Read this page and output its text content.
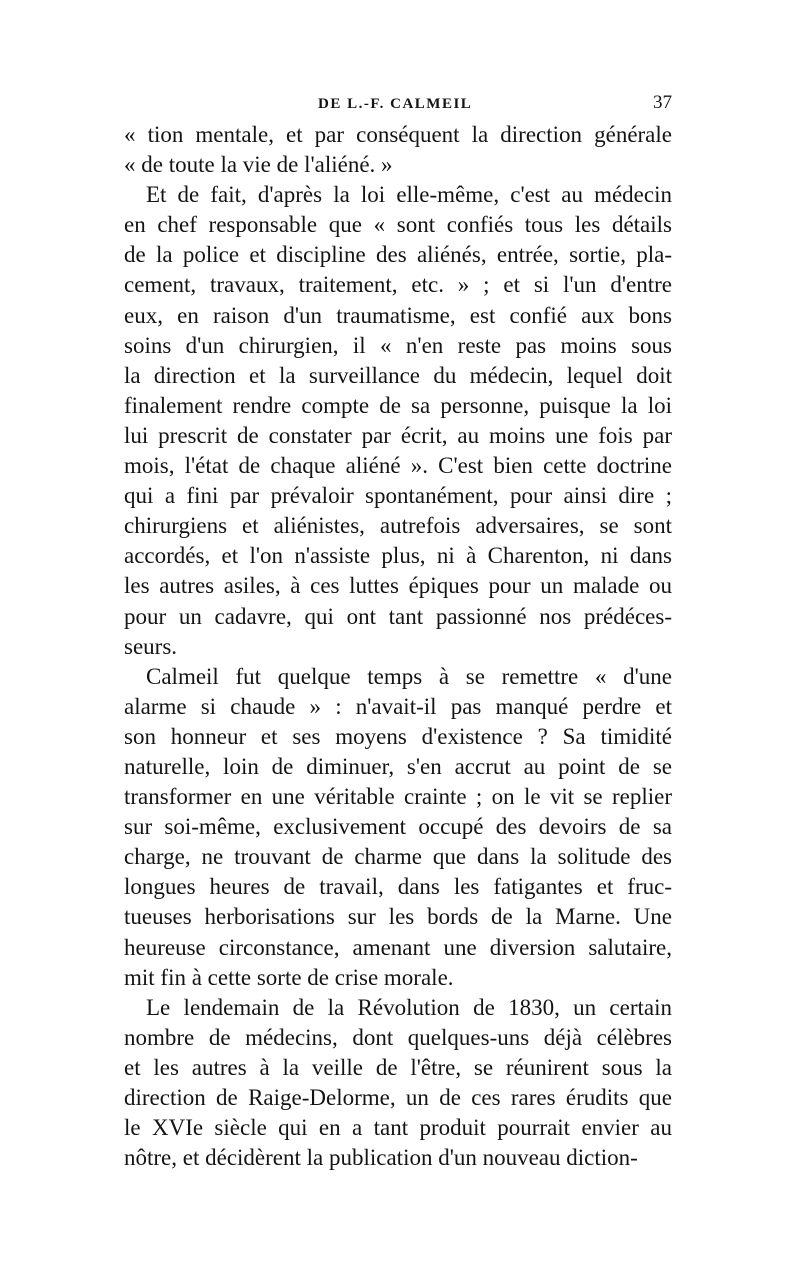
DE L.-F. CALMEIL	37
« tion mentale, et par conséquent la direction générale
« de toute la vie de l'aliéné. »
Et de fait, d'après la loi elle-même, c'est au médecin
en chef responsable que « sont confiés tous les détails
de la police et discipline des aliénés, entrée, sortie, pla-
cement, travaux, traitement, etc. » ; et si l'un d'entre
eux, en raison d'un traumatisme, est confié aux bons
soins d'un chirurgien, il « n'en reste pas moins sous
la direction et la surveillance du médecin, lequel doit
finalement rendre compte de sa personne, puisque la loi
lui prescrit de constater par écrit, au moins une fois par
mois, l'état de chaque aliéné ». C'est bien cette doctrine
qui a fini par prévaloir spontanément, pour ainsi dire ;
chirurgiens et aliénistes, autrefois adversaires, se sont
accordés, et l'on n'assiste plus, ni à Charenton, ni dans
les autres asiles, à ces luttes épiques pour un malade ou
pour un cadavre, qui ont tant passionné nos prédéces-
seurs.
Calmeil fut quelque temps à se remettre « d'une
alarme si chaude » : n'avait-il pas manqué perdre et
son honneur et ses moyens d'existence ? Sa timidité
naturelle, loin de diminuer, s'en accrut au point de se
transformer en une véritable crainte ; on le vit se replier
sur soi-même, exclusivement occupé des devoirs de sa
charge, ne trouvant de charme que dans la solitude des
longues heures de travail, dans les fatigantes et fruc-
tueuses herborisations sur les bords de la Marne. Une
heureuse circonstance, amenant une diversion salutaire,
mit fin à cette sorte de crise morale.
Le lendemain de la Révolution de 1830, un certain
nombre de médecins, dont quelques-uns déjà célèbres
et les autres à la veille de l'être, se réunirent sous la
direction de Raige-Delorme, un de ces rares érudits que
le XVIe siècle qui en a tant produit pourrait envier au
nôtre, et décidèrent la publication d'un nouveau diction-
